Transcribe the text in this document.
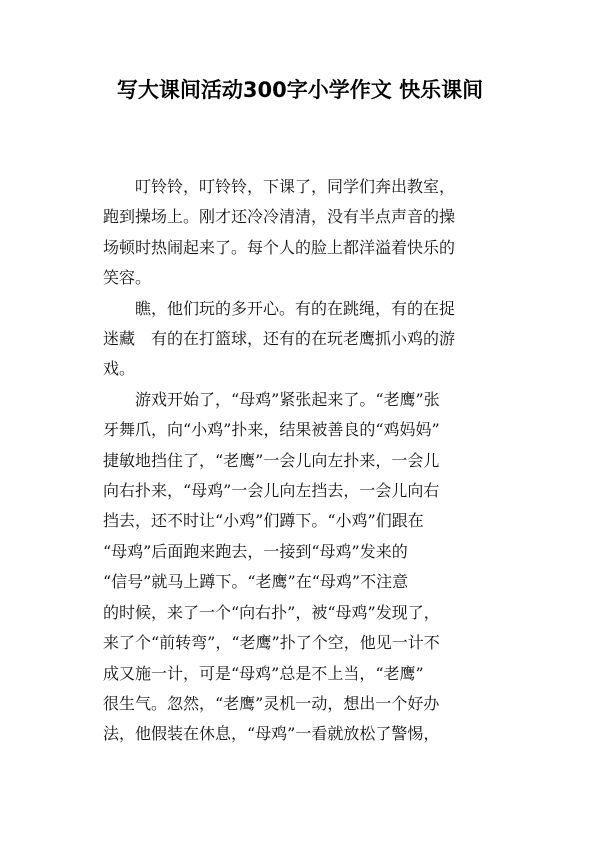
写大课间活动300字小学作文 快乐课间

叮铃铃，叮铃铃，下课了，同学们奔出教室，
跑到操场上。刚才还冷冷清清，没有半点声音的操
场顿时热闹起来了。每个人的脸上都洋溢着快乐的
笑容。

瞧，他们玩的多开心。有的在跳绳，有的在捉
迷藏　有的在打篮球，还有的在玩老鹰抓小鸡的游
戏。

游戏开始了，“母鸡”紧张起来了。“老鹰”张
牙舞爪，向“小鸡”扑来，结果被善良的“鸡妈妈”
捷敏地挡住了，“老鹰”一会儿向左扑来，一会儿
向右扑来，“母鸡”一会儿向左挡去，一会儿向右
挡去，还不时让“小鸡”们蹲下。“小鸡”们跟在
“母鸡”后面跑来跑去，一接到“母鸡”发来的
“信号”就马上蹲下。“老鹰”在“母鸡”不注意
的时候，来了一个“向右扑”，被“母鸡”发现了，
来了个“前转弯”，“老鹰”扑了个空，他见一计不
成又施一计，可是“母鸡”总是不上当，“老鹰”
很生气。忽然，“老鹰”灵机一动，想出一个好办
法，他假装在休息，“母鸡”一看就放松了警惕，
